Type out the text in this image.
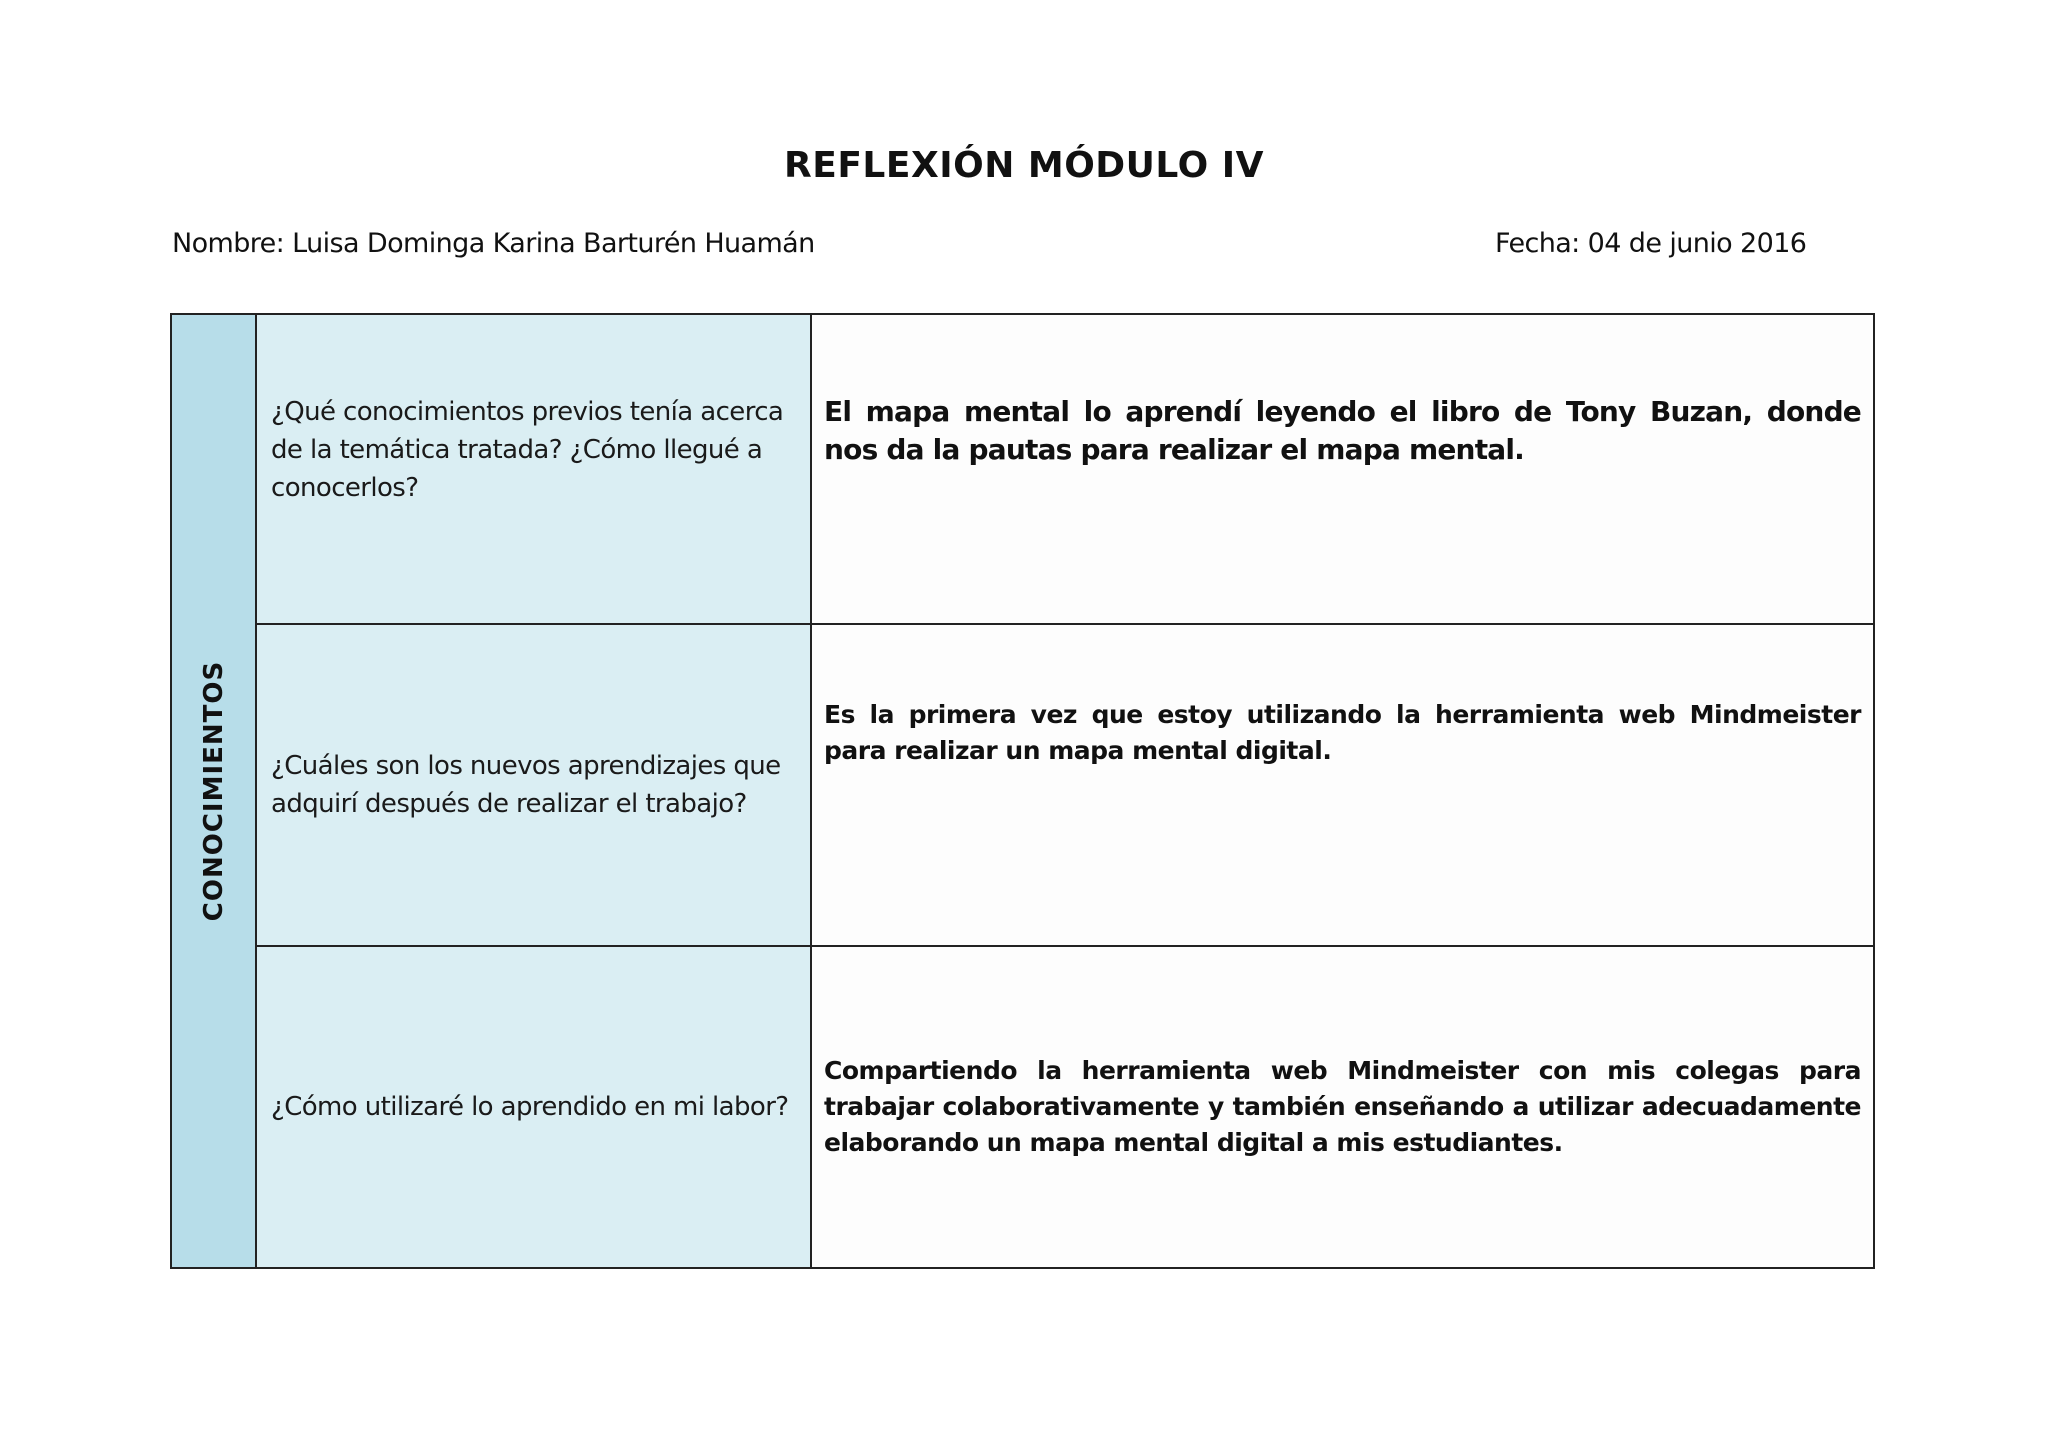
REFLEXIÓN MÓDULO IV
Nombre: Luisa Dominga Karina Barturén Huamán	Fecha: 04 de junio 2016
CONOCIMIENTOS
¿Qué conocimientos previos tenía acerca de la temática tratada? ¿Cómo llegué a conocerlos?
El mapa mental lo aprendí leyendo el libro de Tony Buzan, donde nos da la pautas para realizar el mapa mental.
¿Cuáles son los nuevos aprendizajes que adquirí después de realizar el trabajo?
Es la primera vez que estoy utilizando la herramienta web Mindmeister para realizar un mapa mental digital.
¿Cómo utilizaré lo aprendido en mi labor?
Compartiendo la herramienta web Mindmeister con mis colegas para trabajar colaborativamente y también enseñando a utilizar adecuadamente elaborando un mapa mental digital a mis estudiantes.
